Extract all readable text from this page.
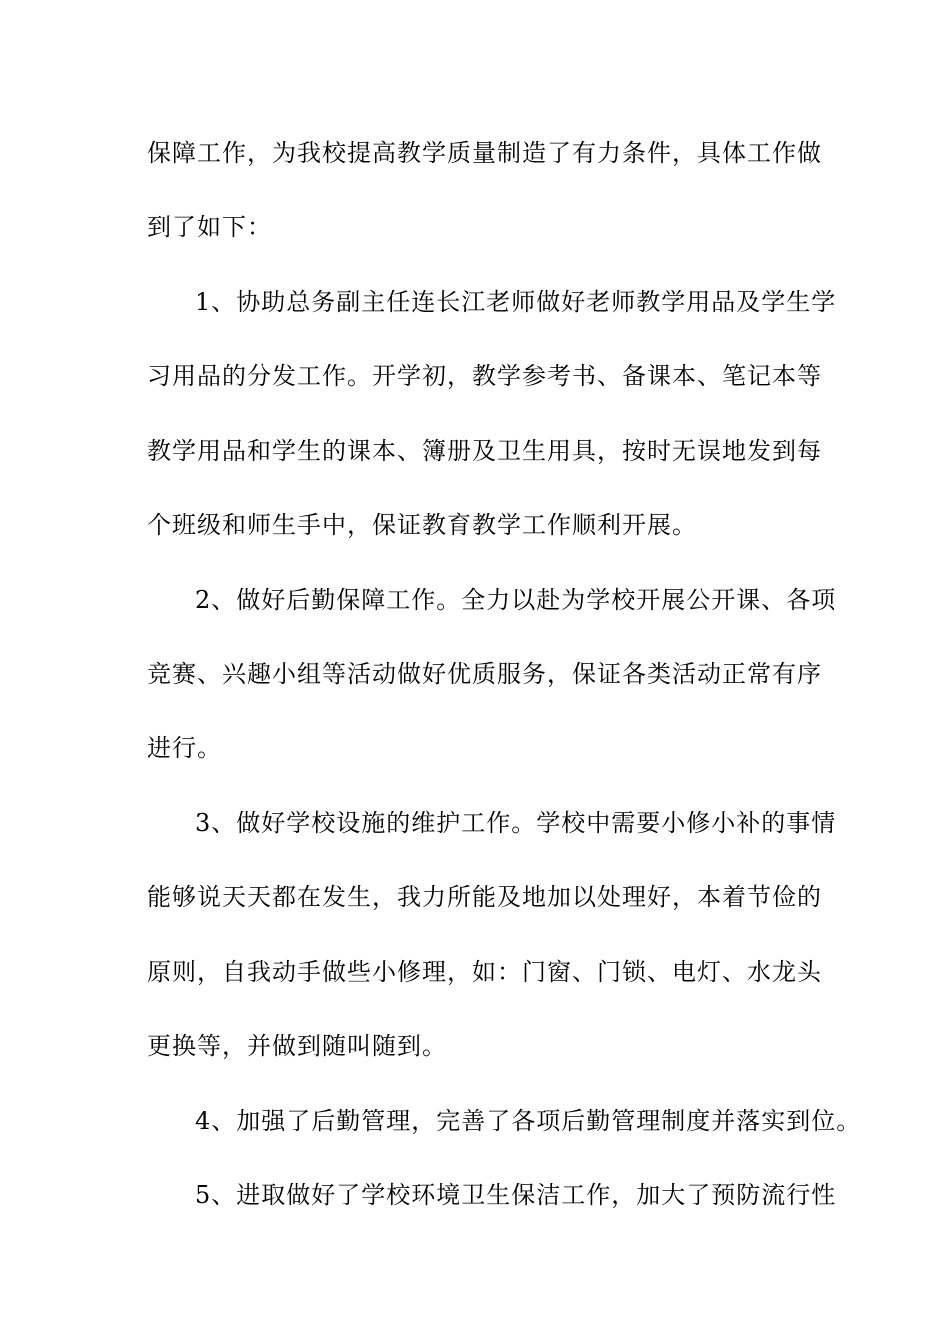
保障工作，为我校提高教学质量制造了有力条件，具体工作做

到了如下：

1、协助总务副主任连长江老师做好老师教学用品及学生学

习用品的分发工作。开学初，教学参考书、备课本、笔记本等

教学用品和学生的课本、簿册及卫生用具，按时无误地发到每

个班级和师生手中，保证教育教学工作顺利开展。

2、做好后勤保障工作。全力以赴为学校开展公开课、各项

竞赛、兴趣小组等活动做好优质服务，保证各类活动正常有序

进行。

3、做好学校设施的维护工作。学校中需要小修小补的事情

能够说天天都在发生，我力所能及地加以处理好，本着节俭的

原则，自我动手做些小修理，如：门窗、门锁、电灯、水龙头

更换等，并做到随叫随到。

4、加强了后勤管理，完善了各项后勤管理制度并落实到位。

5、进取做好了学校环境卫生保洁工作，加大了预防流行性
